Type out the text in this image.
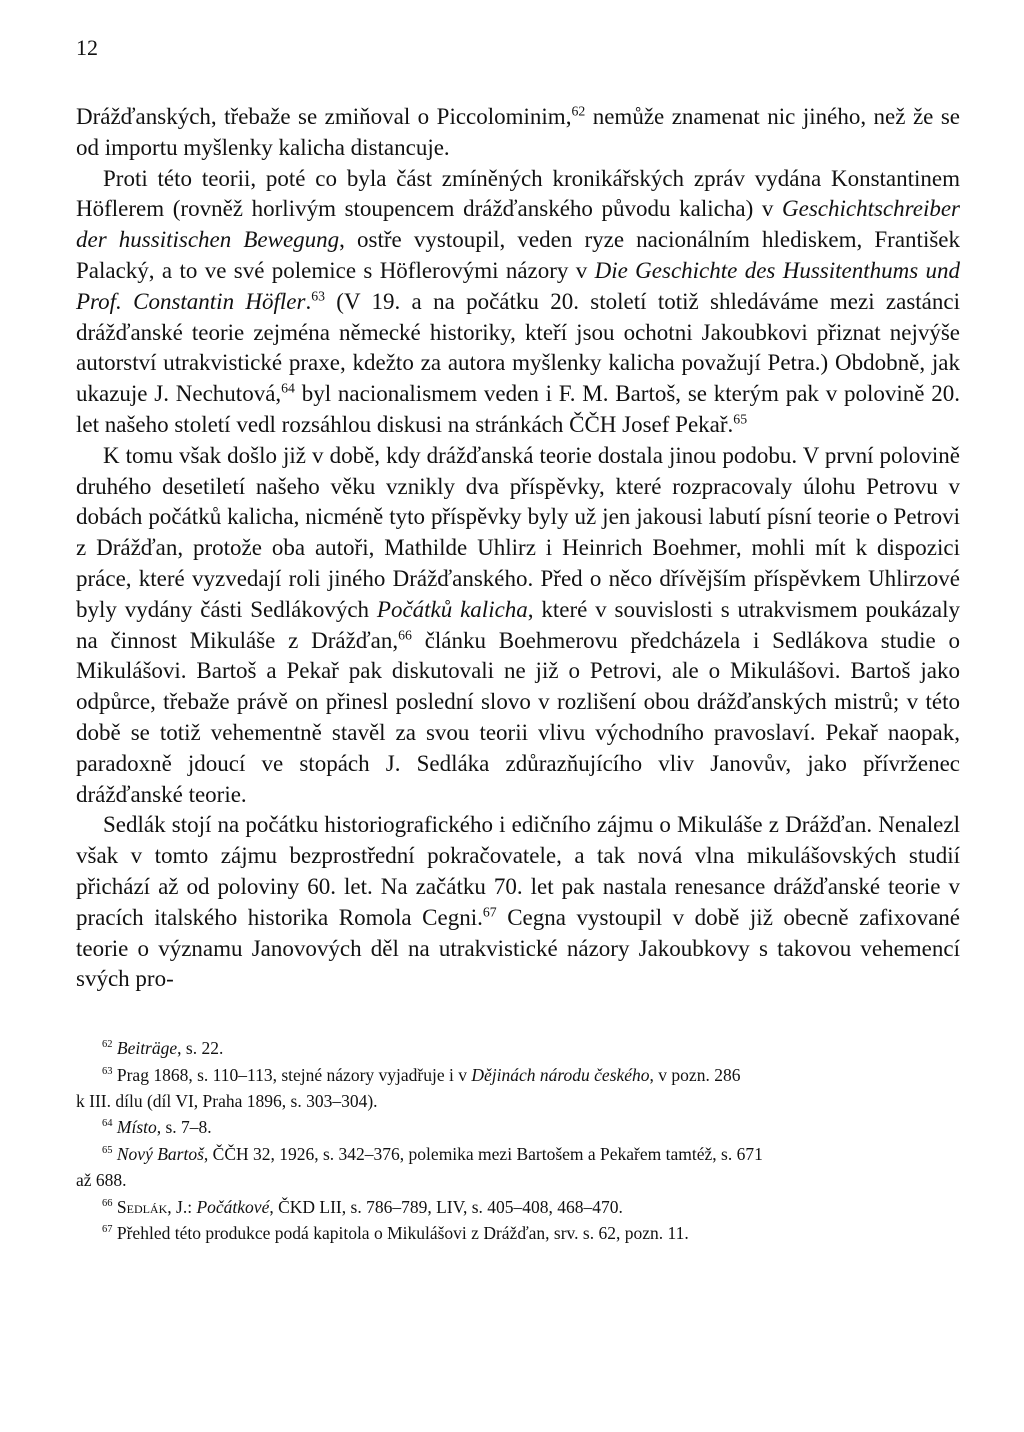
12

Drážďanských, třebaže se zmiňoval o Piccolominim,$^{62}$ nemůže znamenat nic jiného, než že se od importu myšlenky kalicha distancuje.

Proti této teorii, poté co byla část zmíněných kronikářských zpráv vydána Konstantinem Höflerem (rovněž horlivým stoupencem drážďanského původu kalicha) v Geschichtschreiber der hussitischen Bewegung, ostře vystoupil, veden ryze nacionálním hlediskem, František Palacký, a to ve své polemice s Höflerovými názory v Die Geschichte des Hussitenthums und Prof. Constantin Höfler.$^{63}$ (V 19. a na počátku 20. století totiž shledáváme mezi zastánci drážďanské teorie zejména německé historiky, kteří jsou ochotni Jakoubkovi přiznat nejvýše autorství utrakvistické praxe, kdežto za autora myšlenky kalicha považují Petra.) Obdobně, jak ukazuje J. Nechutová,$^{64}$ byl nacionalismem veden i F. M. Bartoš, se kterým pak v polovině 20. let našeho století vedl rozsáhlou diskusi na stránkách ČČH Josef Pekař.$^{65}$

K tomu však došlo již v době, kdy drážďanská teorie dostala jinou podobu. V první polovině druhého desetiletí našeho věku vznikly dva příspěvky, které rozpracovaly úlohu Petrovu v dobách počátků kalicha, nicméně tyto příspěvky byly už jen jakousi labutí písní teorie o Petrovi z Drážďan, protože oba autoři, Mathilde Uhlirz i Heinrich Boehmer, mohli mít k dispozici práce, které vyzvedají roli jiného Drážďanského. Před o něco dřívějším příspěvkem Uhlirzové byly vydány části Sedlákových Počátků kalicha, které v souvislosti s utrakvismem poukázaly na činnost Mikuláše z Drážďan,$^{66}$ článku Boehmerovu předcházela i Sedlákova studie o Mikulášovi. Bartoš a Pekař pak diskutovali ne již o Petrovi, ale o Mikulášovi. Bartoš jako odpůrce, třebaže právě on přinesl poslední slovo v rozlišení obou drážďanských mistrů; v této době se totiž vehementně stavěl za svou teorii vlivu východního pravoslaví. Pekař naopak, paradoxně jdoucí ve stopách J. Sedláka zdůrazňujícího vliv Janovův, jako přívrženec drážďanské teorie.

Sedlák stojí na počátku historiografického i edičního zájmu o Mikuláše z Drážďan. Nenalezl však v tomto zájmu bezprostřední pokračovatele, a tak nová vlna mikulášovských studií přichází až od poloviny 60. let. Na začátku 70. let pak nastala renesance drážďanské teorie v pracích italského historika Romola Cegni.$^{67}$ Cegna vystoupil v době již obecně zafixované teorie o významu Janovových děl na utrakvistické názory Jakoubkovy s takovou vehemencí svých pro-

$^{62}$ Beiträge, s. 22.

$^{63}$ Prag 1868, s. 110–113, stejné názory vyjadřuje i v Dějinách národu českého, v pozn. 286

k III. dílu (díl VI, Praha 1896, s. 303–304).

$^{64}$ Místo, s. 7–8.

$^{65}$ Nový Bartoš, ČČH 32, 1926, s. 342–376, polemika mezi Bartošem a Pekařem tamtéž, s. 671

až 688.

$^{66}$ Sedlák, J.: Počátkové, ČKD LII, s. 786–789, LIV, s. 405–408, 468–470.

$^{67}$ Přehled této produkce podá kapitola o Mikulášovi z Drážďan, srv. s. 62, pozn. 11.
